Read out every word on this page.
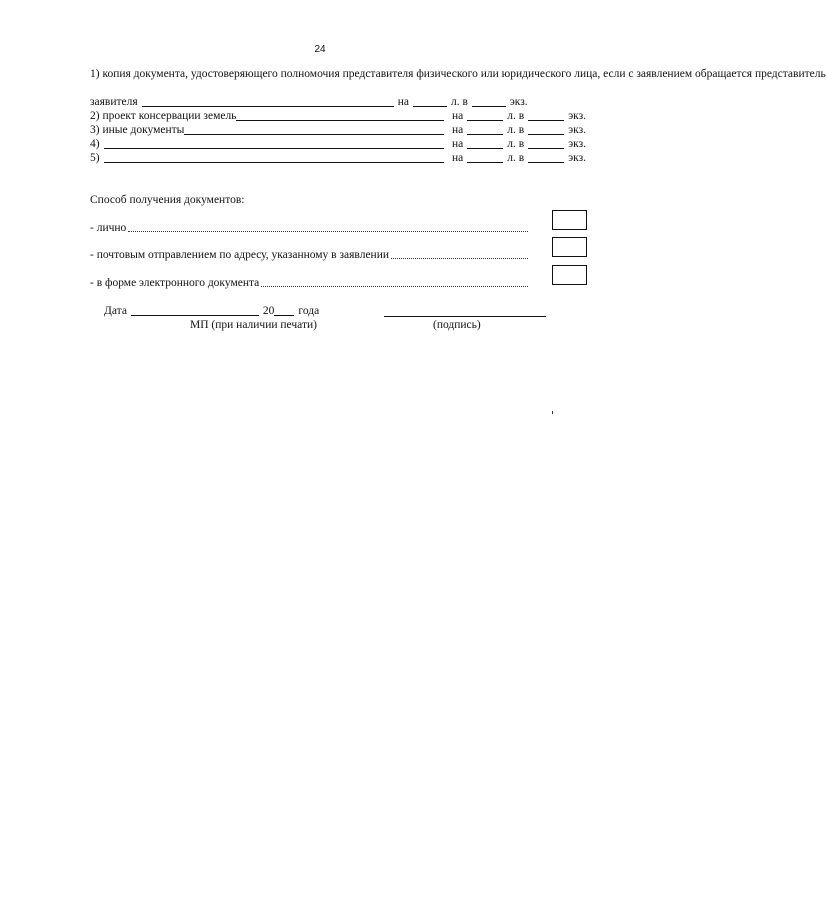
24
1) копия документа, удостоверяющего полномочия представителя физического или юридического лица, если с заявлением обращается представитель
заявителя	на	л. в	экз.
2) проект консервации земель	на	л. в	экз.
3) иные документы	на	л. в	экз.
4)	на	л. в	экз.
5)	на	л. в	экз.
Способ получения документов:
- лично
- почтовым отправлением по адресу, указанному в заявлении
- в форме электронного документа
Дата	20 года
МП (при наличии печати)	(подпись)
